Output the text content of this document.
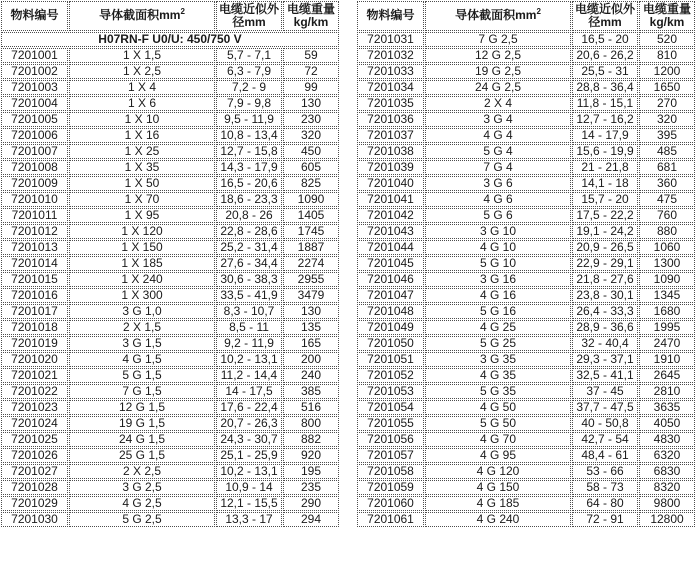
物料编号	导体截面积$mm^2$	电缆近似外径mm	电缆重量
kg/km

H07RN-F U0/U: 450/750 V			
7201001	1 X 1,5	5,7 - 7,1	59
7201002	1 X 2,5	6,3 - 7,9	72
7201003	1 X 4	7,2 - 9	99
7201004	1 X 6	7,9 - 9,8	130
7201005	1 X 10	9,5 - 11,9	230
7201006	1 X 16	10,8 - 13,4	320
7201007	1 X 25	12,7 - 15,8	450
7201008	1 X 35	14,3 - 17,9	605
7201009	1 X 50	16,5 - 20,6	825
7201010	1 X 70	18,6 - 23,3	1090
7201011	1 X 95	20,8 - 26	1405
7201012	1 X 120	22,8 - 28,6	1745
7201013	1 X 150	25,2 - 31,4	1887
7201014	1 X 185	27,6 - 34,4	2274
7201015	1 X 240	30,6 - 38,3	2955
7201016	1 X 300	33,5 - 41,9	3479
7201017	3 G 1,0	8,3 - 10,7	130
7201018	2 X 1,5	8,5 - 11	135
7201019	3 G 1,5	9,2 - 11,9	165
7201020	4 G 1,5	10,2 - 13,1	200
7201021	5 G 1,5	11,2 - 14,4	240
7201022	7 G 1,5	14 - 17,5	385
7201023	12 G 1,5	17,6 - 22,4	516
7201024	19 G 1,5	20,7 - 26,3	800
7201025	24 G 1,5	24,3 - 30,7	882
7201026	25 G 1,5	25,1 - 25,9	920
7201027	2 X 2,5	10,2 - 13,1	195
7201028	3 G 2,5	10,9 - 14	235
7201029	4 G 2,5	12,1 - 15,5	290
7201030	5 G 2,5	13,3 - 17	294
物料编号	导体截面积$mm^2$	电缆近似外径mm	电缆重量
kg/km

7201031	7 G 2,5	16,5 - 20	520
7201032	12 G 2,5	20,6 - 26,2	810
7201033	19 G 2,5	25,5 - 31	1200
7201034	24 G 2,5	28,8 - 36,4	1650
7201035	2 X 4	11,8 - 15,1	270
7201036	3 G 4	12,7 - 16,2	320
7201037	4 G 4	14 - 17,9	395
7201038	5 G 4	15,6 - 19,9	485
7201039	7 G 4	21 - 21,8	681
7201040	3 G 6	14,1 - 18	360
7201041	4 G 6	15,7 - 20	475
7201042	5 G 6	17,5 - 22,2	760
7201043	3 G 10	19,1 - 24,2	880
7201044	4 G 10	20,9 - 26,5	1060
7201045	5 G 10	22,9 - 29,1	1300
7201046	3 G 16	21,8 - 27,6	1090
7201047	4 G 16	23,8 - 30,1	1345
7201048	5 G 16	26,4 - 33,3	1680
7201049	4 G 25	28,9 - 36,6	1995
7201050	5 G 25	32 - 40,4	2470
7201051	3 G 35	29,3 - 37,1	1910
7201052	4 G 35	32,5 - 41,1	2645
7201053	5 G 35	37 - 45	2810
7201054	4 G 50	37,7 - 47,5	3635
7201055	5 G 50	40 - 50,8	4050
7201056	4 G 70	42,7 - 54	4830
7201057	4 G 95	48,4 - 61	6320
7201058	4 G 120	53 - 66	6830
7201059	4 G 150	58 - 73	8320
7201060	4 G 185	64 - 80	9800
7201061	4 G 240	72 - 91	12800
